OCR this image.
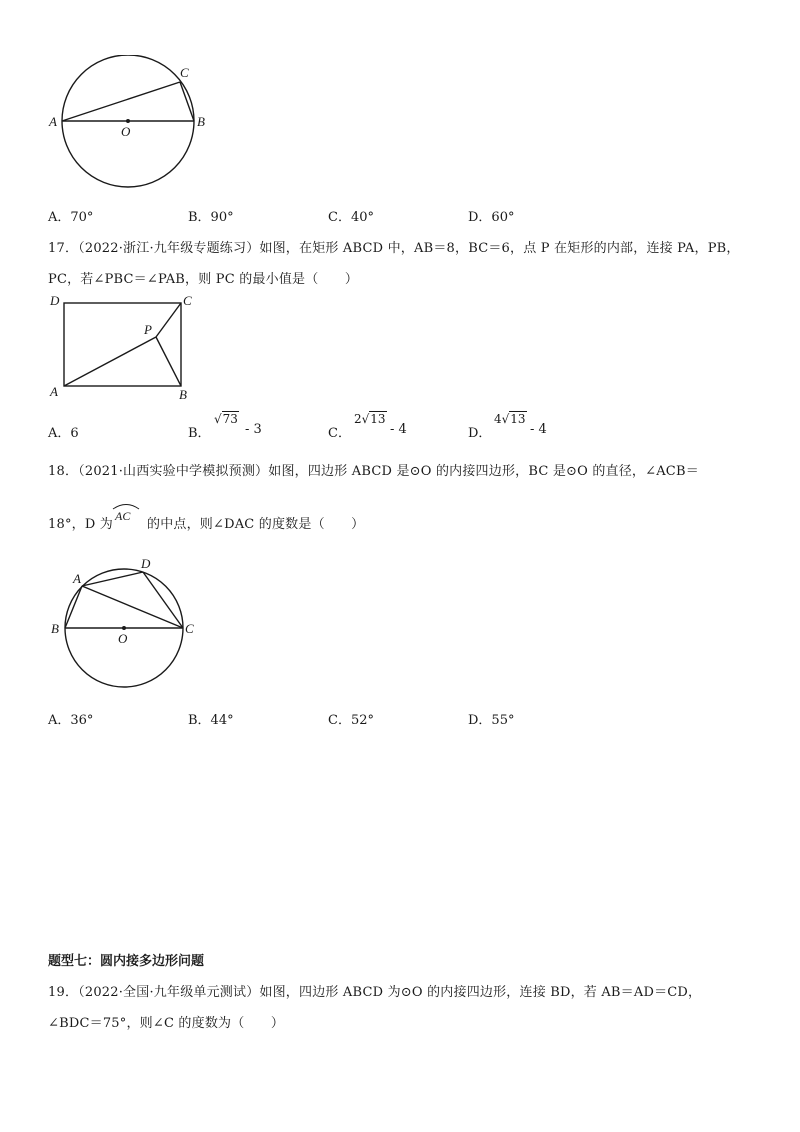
A	B
C
O
A．70°	B．90°	C．40°	D．60°
17．（2022·浙江·九年级专题练习）如图，在矩形 ABCD 中，AB＝8，BC＝6，点 P 在矩形的内部，连接 PA，PB，
PC，若∠PBC＝∠PAB，则 PC 的最小值是（　　）
D	C
A	B
P
A．6	B．
√73
- 3	C．
2√13
- 4	D．
4√13
- 4
18．（2021·山西实验中学模拟预测）如图，四边形 ABCD 是⊙O 的内接四边形，BC 是⊙O 的直径，∠ACB＝
18°，D 为	的中点，则∠DAC 的度数是（　　）
AC
A
D
B	C
O
A．36°	B．44°	C．52°	D．55°
题型七：圆内接多边形问题
19．（2022·全国·九年级单元测试）如图，四边形 ABCD 为⊙O 的内接四边形，连接 BD，若 AB＝AD＝CD，
∠BDC＝75°，则∠C 的度数为（　　）
